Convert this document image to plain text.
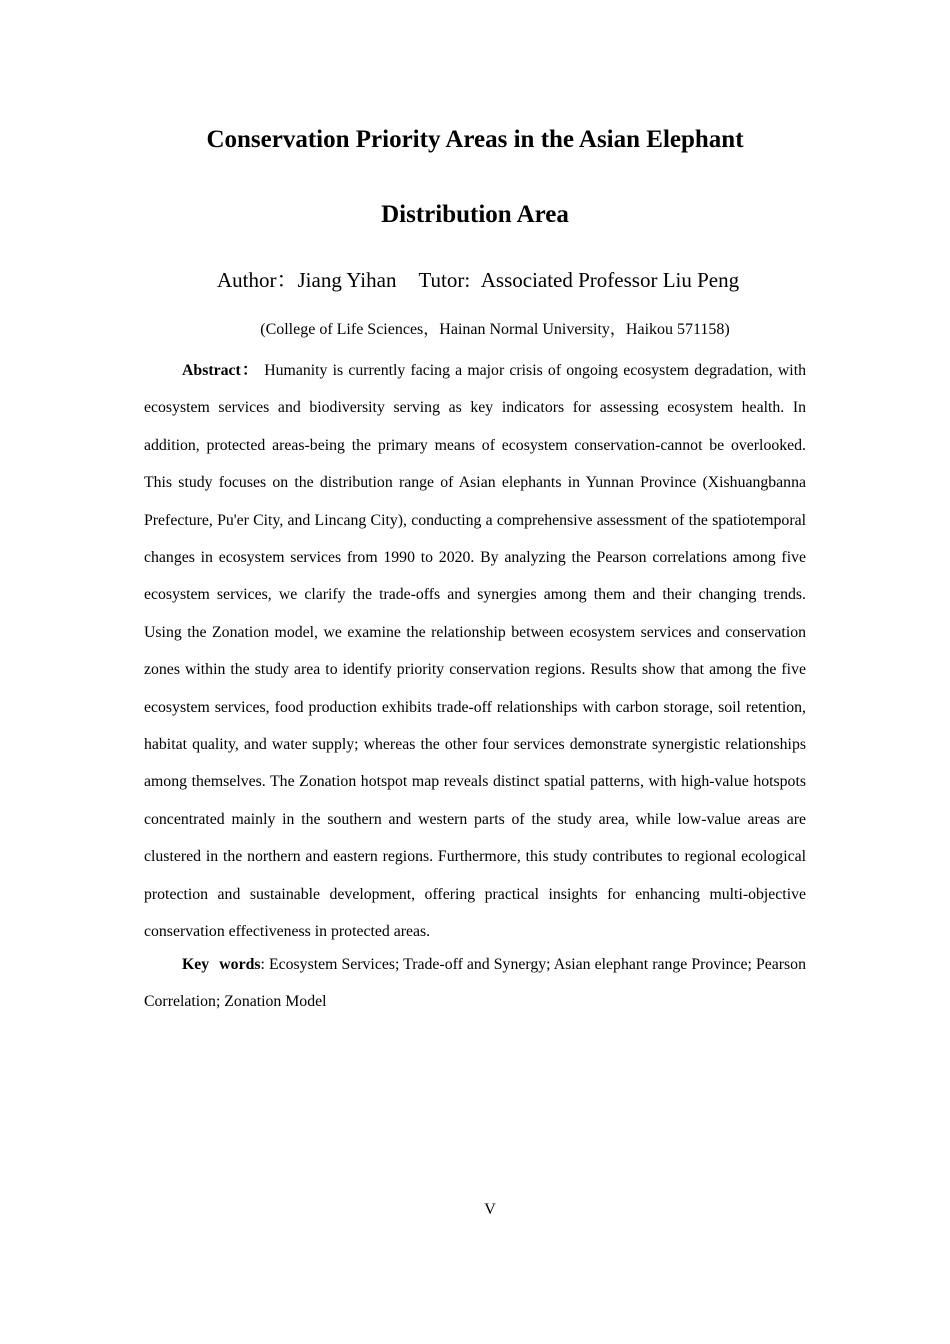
Conservation Priority Areas in the Asian Elephant
Distribution Area
Author：Jiang Yihan Tutor: Associated Professor Liu Peng
(College of Life Sciences，Hainan Normal University，Haikou 571158)

Abstract： Humanity is currently facing a major crisis of ongoing ecosystem degradation, with ecosystem services and biodiversity serving as key indicators for assessing ecosystem health. In addition, protected areas-being the primary means of ecosystem conservation-cannot be overlooked. This study focuses on the distribution range of Asian elephants in Yunnan Province (Xishuangbanna Prefecture, Pu'er City, and Lincang City), conducting a comprehensive assessment of the spatiotemporal changes in ecosystem services from 1990 to 2020. By analyzing the Pearson correlations among five ecosystem services, we clarify the trade-offs and synergies among them and their changing trends. Using the Zonation model, we examine the relationship between ecosystem services and conservation zones within the study area to identify priority conservation regions. Results show that among the five ecosystem services, food production exhibits trade-off relationships with carbon storage, soil retention, habitat quality, and water supply; whereas the other four services demonstrate synergistic relationships among themselves. The Zonation hotspot map reveals distinct spatial patterns, with high-value hotspots concentrated mainly in the southern and western parts of the study area, while low-value areas are clustered in the northern and eastern regions. Furthermore, this study contributes to regional ecological protection and sustainable development, offering practical insights for enhancing multi-objective conservation effectiveness in protected areas.

Key words: Ecosystem Services; Trade-off and Synergy; Asian elephant range Province; Pearson Correlation; Zonation Model

V
